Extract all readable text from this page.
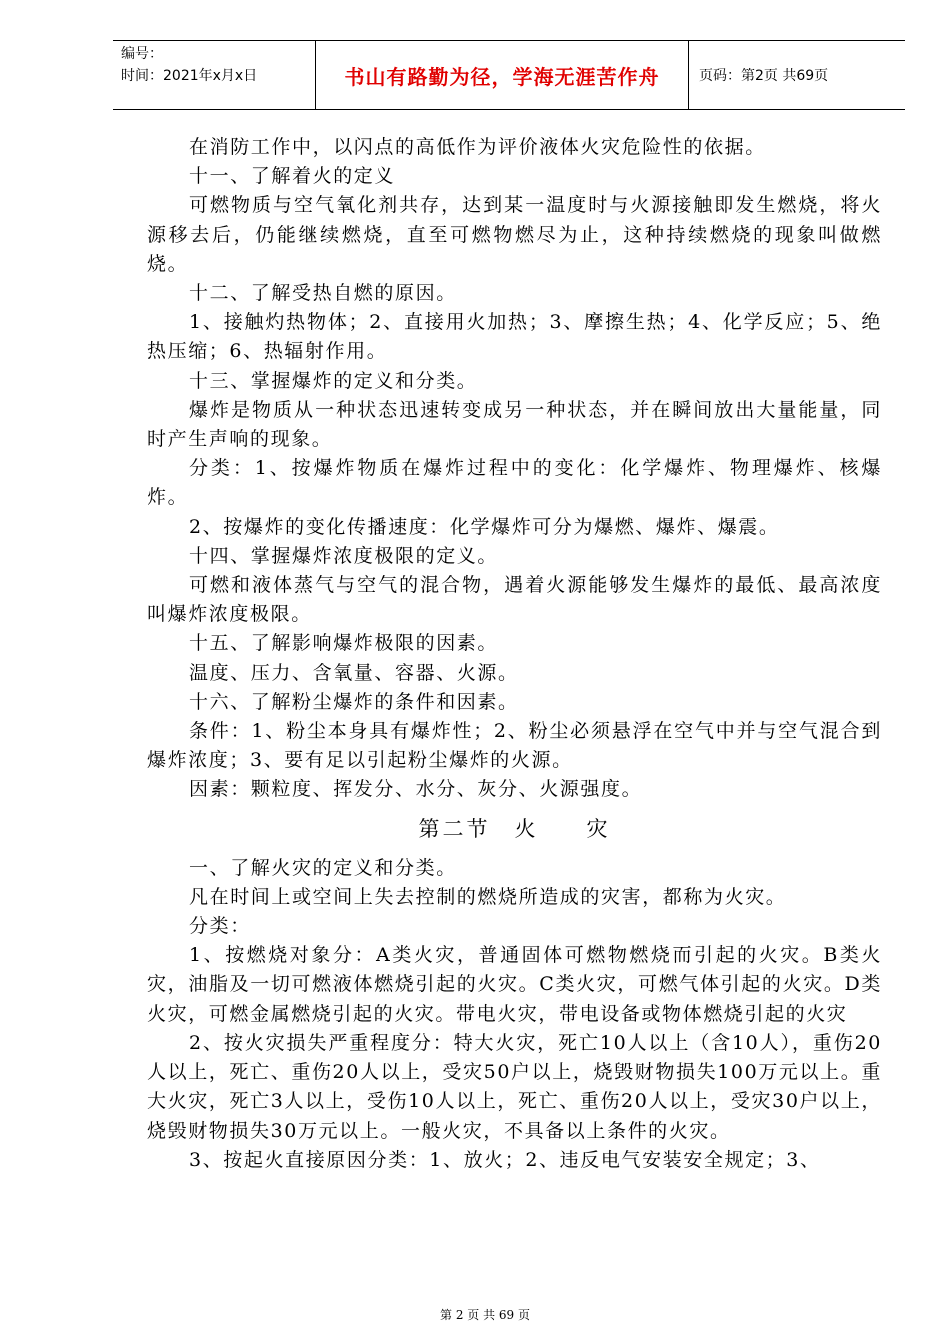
编号：
时间：2021年x月x日	书山有路勤为径，学海无涯苦作舟	页码：第2页 共69页

在消防工作中，以闪点的高低作为评价液体火灾危险性的依据。

十一、了解着火的定义

可燃物质与空气氧化剂共存，达到某一温度时与火源接触即发生燃烧，将火源移去后，仍能继续燃烧，直至可燃物燃尽为止，这种持续燃烧的现象叫做燃烧。

十二、了解受热自燃的原因。

1、接触灼热物体；2、直接用火加热；3、摩擦生热；4、化学反应；5、绝热压缩；6、热辐射作用。

十三、掌握爆炸的定义和分类。

爆炸是物质从一种状态迅速转变成另一种状态，并在瞬间放出大量能量，同时产生声响的现象。

分类：1、按爆炸物质在爆炸过程中的变化：化学爆炸、物理爆炸、核爆炸。

2、按爆炸的变化传播速度：化学爆炸可分为爆燃、爆炸、爆震。

十四、掌握爆炸浓度极限的定义。

可燃和液体蒸气与空气的混合物，遇着火源能够发生爆炸的最低、最高浓度叫爆炸浓度极限。

十五、了解影响爆炸极限的因素。

温度、压力、含氧量、容器、火源。

十六、了解粉尘爆炸的条件和因素。

条件：1、粉尘本身具有爆炸性；2、粉尘必须悬浮在空气中并与空气混合到爆炸浓度；3、要有足以引起粉尘爆炸的火源。

因素：颗粒度、挥发分、水分、灰分、火源强度。

第二节　火　　灾

一、了解火灾的定义和分类。

凡在时间上或空间上失去控制的燃烧所造成的灾害，都称为火灾。

分类：

1、按燃烧对象分：A类火灾，普通固体可燃物燃烧而引起的火灾。B类火灾，油脂及一切可燃液体燃烧引起的火灾。C类火灾，可燃气体引起的火灾。D类火灾，可燃金属燃烧引起的火灾。带电火灾，带电设备或物体燃烧引起的火灾

2、按火灾损失严重程度分：特大火灾，死亡10人以上（含10人），重伤20人以上，死亡、重伤20人以上，受灾50户以上，烧毁财物损失100万元以上。重大火灾，死亡3人以上，受伤10人以上，死亡、重伤20人以上，受灾30户以上，烧毁财物损失30万元以上。一般火灾，不具备以上条件的火灾。

3、按起火直接原因分类：1、放火；2、违反电气安装安全规定；3、

第 2 页 共 69 页
